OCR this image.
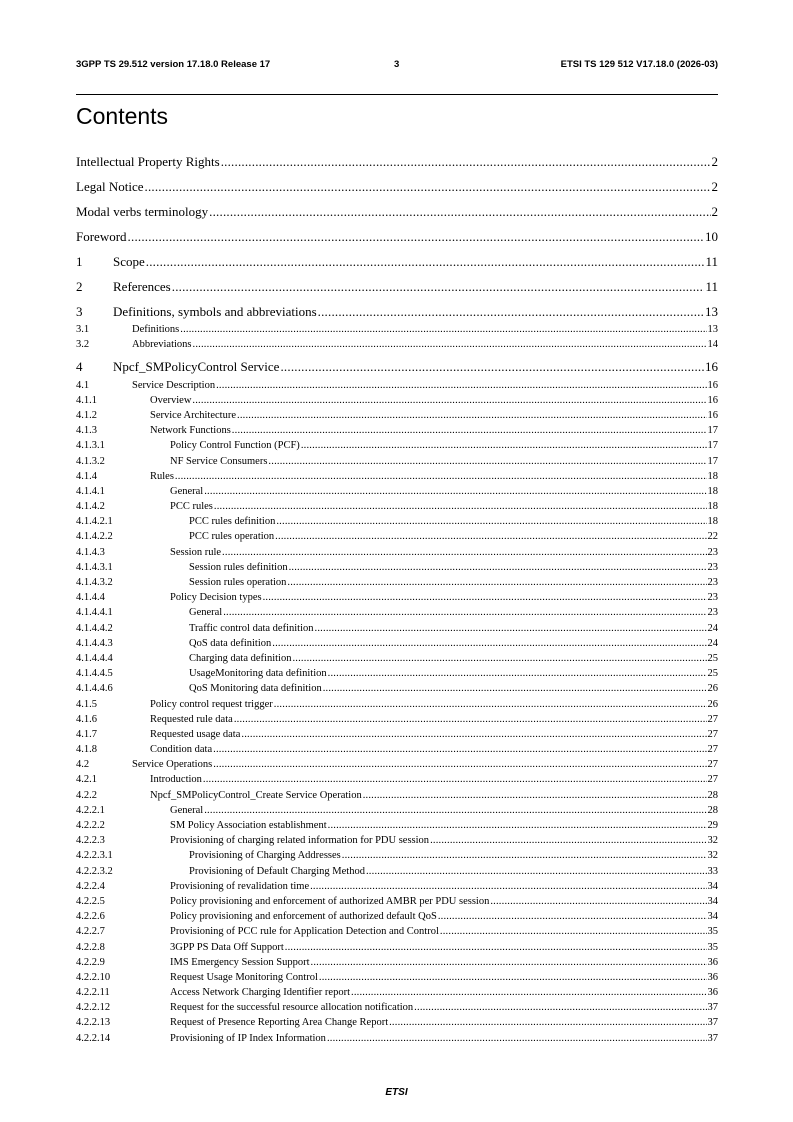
3GPP TS 29.512 version 17.18.0 Release 17	3	ETSI TS 129 512 V17.18.0 (2026-03)
Contents
Intellectual Property Rights .....	2
Legal Notice .....	2
Modal verbs terminology .....	2
Foreword .....	10
1 Scope .....	11
2 References .....	11
3 Definitions, symbols and abbreviations .....	13
3.1	Definitions .....	13
3.2	Abbreviations .....	14
4 Npcf_SMPolicyControl Service .....	16
4.1	Service Description .....	16
4.1.1	Overview .....	16
4.1.2	Service Architecture .....	16
4.1.3	Network Functions .....	17
4.1.3.1	Policy Control Function (PCF) .....	17
4.1.3.2	NF Service Consumers .....	17
4.1.4	Rules .....	18
4.1.4.1	General .....	18
4.1.4.2	PCC rules .....	18
4.1.4.2.1	PCC rules definition .....	18
4.1.4.2.2	PCC rules operation .....	22
4.1.4.3	Session rule .....	23
4.1.4.3.1	Session rules definition .....	23
4.1.4.3.2	Session rules operation .....	23
4.1.4.4	Policy Decision types .....	23
4.1.4.4.1	General .....	23
4.1.4.4.2	Traffic control data definition .....	24
4.1.4.4.3	QoS data definition .....	24
4.1.4.4.4	Charging data definition .....	25
4.1.4.4.5	UsageMonitoring data definition .....	25
4.1.4.4.6	QoS Monitoring data definition .....	26
4.1.5	Policy control request trigger .....	26
4.1.6	Requested rule data .....	27
4.1.7	Requested usage data .....	27
4.1.8	Condition data .....	27
4.2	Service Operations .....	27
4.2.1	Introduction .....	27
4.2.2	Npcf_SMPolicyControl_Create Service Operation .....	28
4.2.2.1	General .....	28
4.2.2.2	SM Policy Association establishment .....	29
4.2.2.3	Provisioning of charging related information for PDU session .....	32
4.2.2.3.1	Provisioning of Charging Addresses .....	32
4.2.2.3.2	Provisioning of Default Charging Method .....	33
4.2.2.4	Provisioning of revalidation time .....	34
4.2.2.5	Policy provisioning and enforcement of authorized AMBR per PDU session .....	34
4.2.2.6	Policy provisioning and enforcement of authorized default QoS .....	34
4.2.2.7	Provisioning of PCC rule for Application Detection and Control .....	35
4.2.2.8	3GPP PS Data Off Support .....	35
4.2.2.9	IMS Emergency Session Support .....	36
4.2.2.10	Request Usage Monitoring Control .....	36
4.2.2.11	Access Network Charging Identifier report .....	36
4.2.2.12	Request for the successful resource allocation notification .....	37
4.2.2.13	Request of Presence Reporting Area Change Report .....	37
4.2.2.14	Provisioning of IP Index Information .....	37
ETSI
